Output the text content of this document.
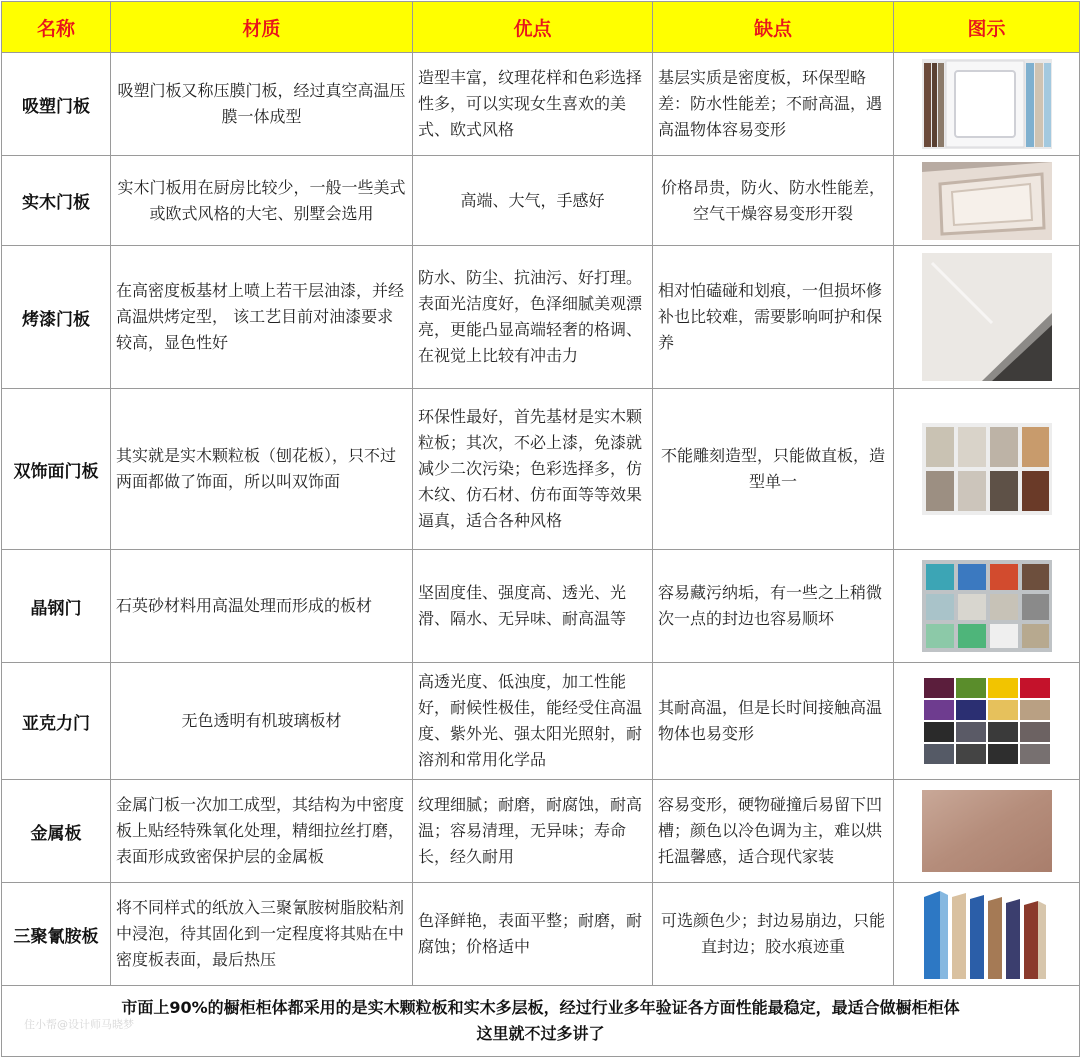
名称	材质	优点	缺点	图示
吸塑门板	吸塑门板又称压膜门板，经过真空高温压膜一体成型	造型丰富，纹理花样和色彩选择性多，可以实现女生喜欢的美式、欧式风格	基层实质是密度板，环保型略差：防水性能差；不耐高温，遇高温物体容易变形	

实木门板	实木门板用在厨房比较少，一般一些美式或欧式风格的大宅、别墅会选用	高端、大气，手感好	价格昂贵，防火、防水性能差，空气干燥容易变形开裂	

烤漆门板	在高密度板基材上喷上若干层油漆，并经高温烘烤定型， 该工艺目前对油漆要求较高，显色性好	防水、防尘、抗油污、好打理。表面光洁度好，色泽细腻美观漂亮，更能凸显高端轻奢的格调、在视觉上比较有冲击力	相对怕磕碰和划痕，一但损坏修补也比较难，需要影响呵护和保养	

双饰面门板	其实就是实木颗粒板（刨花板），只不过两面都做了饰面，所以叫双饰面	环保性最好，首先基材是实木颗粒板；其次，不必上漆，免漆就减少二次污染；色彩选择多，仿木纹、仿石材、仿布面等等效果逼真，适合各种风格	不能雕刻造型，只能做直板，造型单一	

晶钢门	石英砂材料用高温处理而形成的板材	坚固度佳、强度高、透光、光滑、隔水、无异味、耐高温等	容易藏污纳垢，有一些之上稍微次一点的封边也容易顺坏	

亚克力门	无色透明有机玻璃板材	高透光度、低浊度，加工性能好，耐候性极佳，能经受住高温度、紫外光、强太阳光照射，耐溶剂和常用化学品	其耐高温，但是长时间接触高温物体也易变形	

金属板	金属门板一次加工成型，其结构为中密度板上贴经特殊氧化处理，精细拉丝打磨，表面形成致密保护层的金属板	纹理细腻；耐磨，耐腐蚀，耐高温；容易清理，无异味；寿命长，经久耐用	容易变形，硬物碰撞后易留下凹槽；颜色以冷色调为主，难以烘托温馨感，适合现代家装	

三聚氰胺板	将不同样式的纸放入三聚氰胺树脂胶粘剂中浸泡，待其固化到一定程度将其贴在中密度板表面，最后热压	色泽鲜艳，表面平整；耐磨，耐腐蚀；价格适中	可选颜色少；封边易崩边，只能直封边；胶水痕迹重	

市面上90%的橱柜柜体都采用的是实木颗粒板和实木多层板，经过行业多年验证各方面性能最稳定，最适合做橱柜柜体
这里就不过多讲了
住小帮@设计师马晓梦				
